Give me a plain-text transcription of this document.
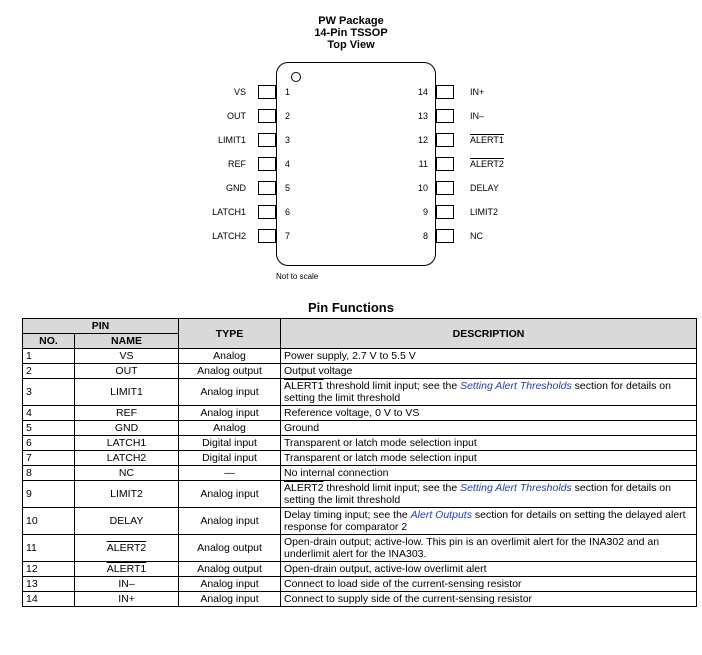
PW Package
14-Pin TSSOP
Top View
1
VS
2
OUT
3
LIMIT1
4
REF
5
GND
6
LATCH1
7
LATCH2
14	IN+
13	IN–
12	ALERT1
11	ALERT2
10	DELAY
9	LIMIT2
8	NC
Not to scale
Pin Functions
PIN		TYPE	DESCRIPTION
NO.	NAME		
1	VS	Analog	Power supply, 2.7 V to 5.5 V
2	OUT	Analog output	Output voltage
3	LIMIT1	Analog input	ALERT1 threshold limit input; see the Setting Alert Thresholds section for details on setting the limit threshold
4	REF	Analog input	Reference voltage, 0 V to VS
5	GND	Analog	Ground
6	LATCH1	Digital input	Transparent or latch mode selection input
7	LATCH2	Digital input	Transparent or latch mode selection input
8	NC	—	No internal connection
9	LIMIT2	Analog input	ALERT2 threshold limit input; see the Setting Alert Thresholds section for details on setting the limit threshold
10	DELAY	Analog input	Delay timing input; see the Alert Outputs section for details on setting the delayed alert response for comparator 2
11	ALERT2	Analog output	Open-drain output; active-low. This pin is an overlimit alert for the INA302 and an underlimit alert for the INA303.
12	ALERT1	Analog output	Open-drain output, active-low overlimit alert
13	IN–	Analog input	Connect to load side of the current-sensing resistor
14	IN+	Analog input	Connect to supply side of the current-sensing resistor
